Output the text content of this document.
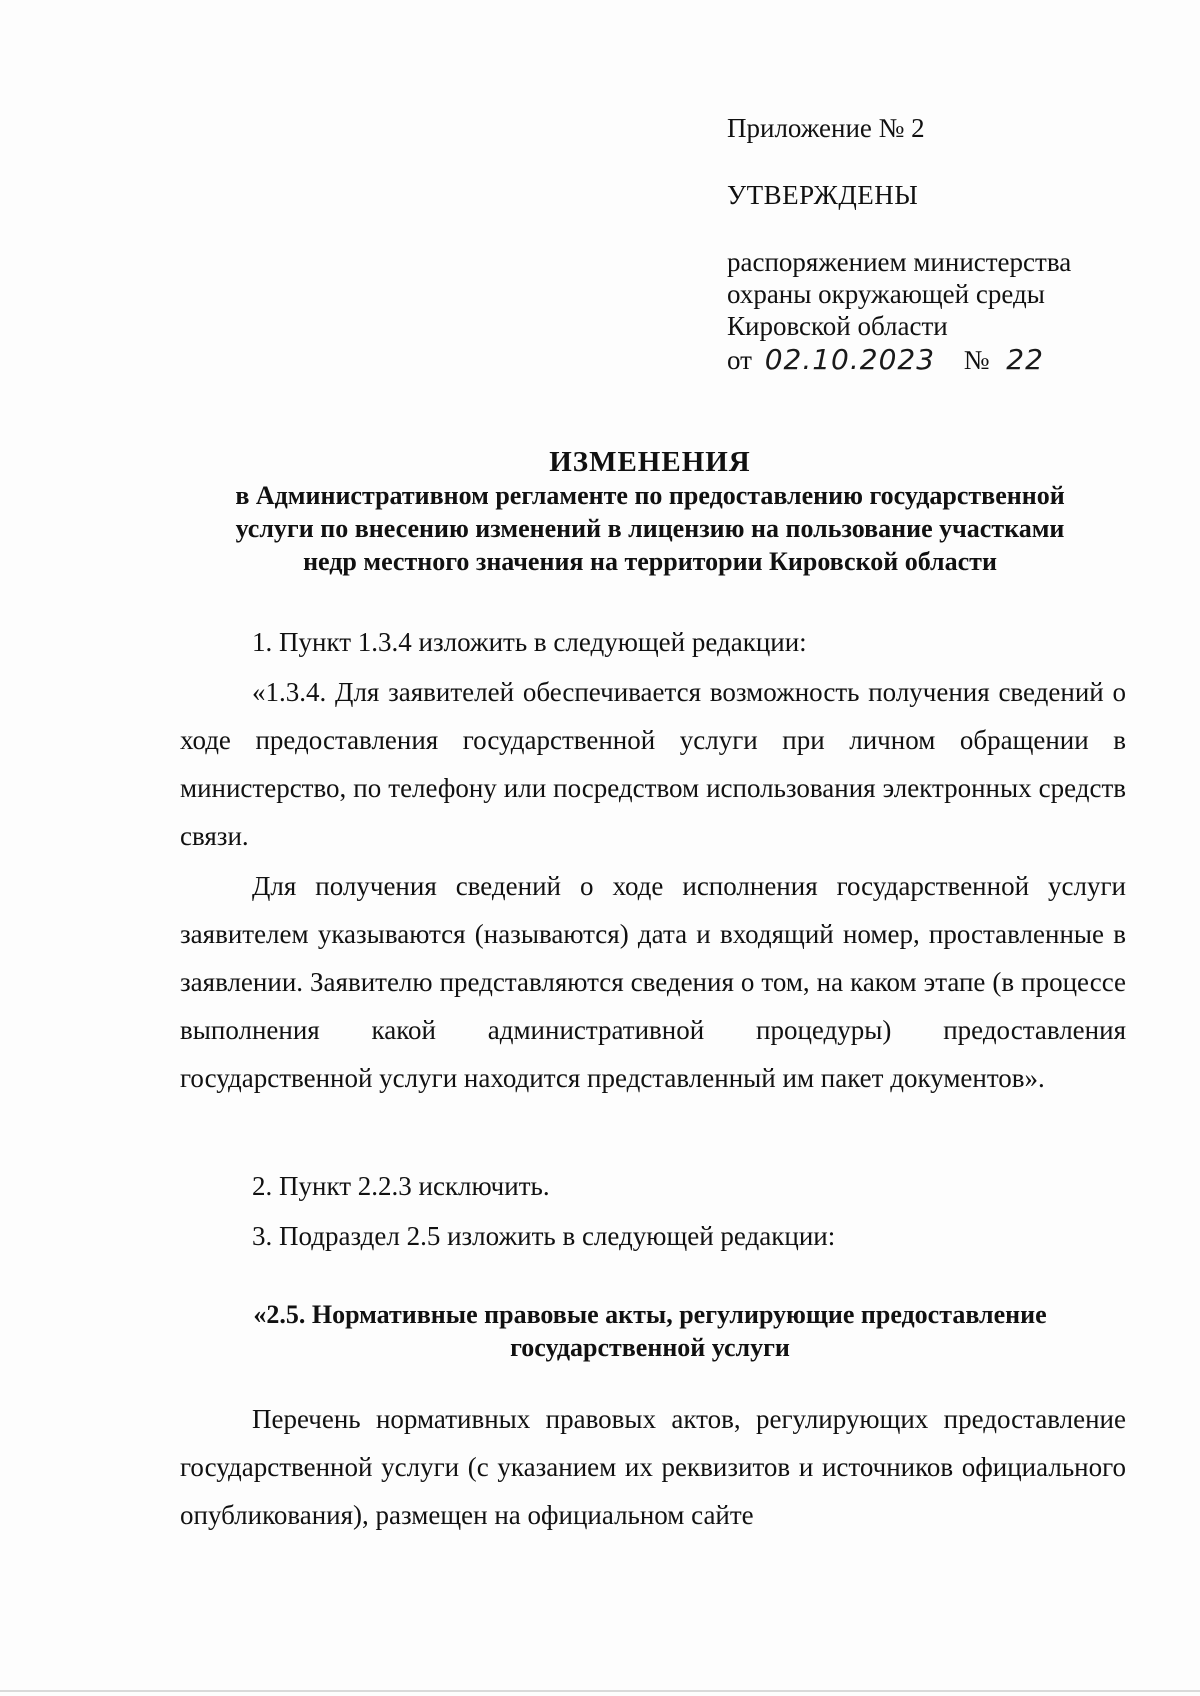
Приложение № 2
УТВЕРЖДЕНЫ
распоряжением министерства
охраны окружающей среды
Кировской области
от 02.10.2023 № 22
ИЗМЕНЕНИЯ
в Административном регламенте по предоставлению государственной
услуги по внесению изменений в лицензию на пользование участками
недр местного значения на территории Кировской области

1. Пункт 1.3.4 изложить в следующей редакции:

«1.3.4. Для заявителей обеспечивается возможность получения сведений о ходе предоставления государственной услуги при личном обращении в министерство, по телефону или посредством использования электронных средств связи.

Для получения сведений о ходе исполнения государственной услуги заявителем указываются (называются) дата и входящий номер, проставленные в заявлении. Заявителю представляются сведения о том, на каком этапе (в процессе выполнения какой административной процедуры) предоставления государственной услуги находится представленный им пакет документов».

2. Пункт 2.2.3 исключить.

3. Подраздел 2.5 изложить в следующей редакции:

«2.5. Нормативные правовые акты, регулирующие предоставление
государственной услуги

Перечень нормативных правовых актов, регулирующих предоставление государственной услуги (с указанием их реквизитов и источников официального опубликования), размещен на официальном сайте
